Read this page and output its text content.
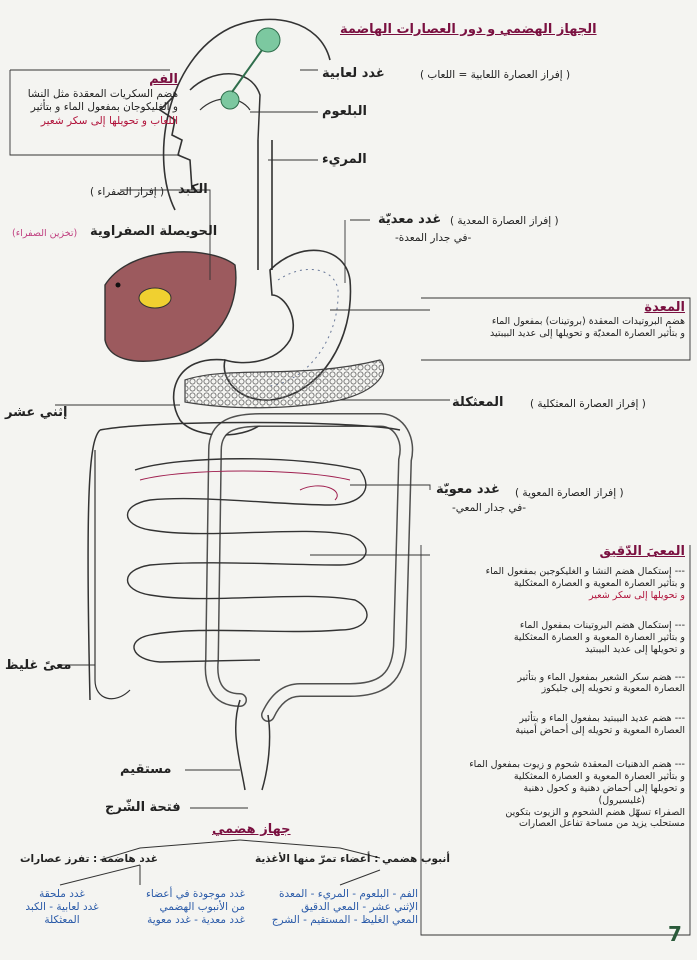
الجهاز الهضمي و دور العصارات الهاضمة
غدد لعابية	( إفراز العصارة اللعابية = اللعاب )
البلعوم
المريء
الفم
هضم السكريات المعقدة مثل النشا
و الغليكوجان بمفعول الماء و بتأثير
اللعاب و تحويلها إلى سكر شعير
الكبد
( إفراز الصفراء )
الحويصلة الصفراوية
(تخزين الصفراء)
غدد معديّة ( إفراز العصارة المعدية )
-في جدار المعدة-
المعدة
هضم البروتيدات المعقدة (بروتينات) بمفعول الماء
و بتأثير العصارة المعديّة و تحويلها إلى عديد البيبتيد
المعثكلة	( إفراز العصارة المعثكلية )
إثني عشر
غدد معويّة ( إفراز العصارة المعوية )
-في جدار المعي-
المعىَ الدّقيق
--- إستكمال هضم النشا و الغليكوجين بمفعول الماء
و بتأثير العصارة المعوية و العصارة المعثكلية
و تحويلها إلى سكر شعير
--- إستكمال هضم البروتينات بمفعول الماء
و بتأثير العصارة المعوية و العصارة المعثكلية
و تحويلها إلى عديد البيبتيد
--- هضم سكر الشعير بمفعول الماء و بتأثير
العصارة المعوية و تحويله إلى جليكوز
--- هضم عديد البيبتيد بمفعول الماء و بتأثير
العصارة المعوية و تحويله إلى أحماض أمينية
--- هضم الدهنيات المعقدة شحوم و زيوت بمفعول الماء
و بتأثير العصارة المعوية و العصارة المعثكلية
و تحويلها إلى أحماض دهنية و كحول دهنية
(غليسيرول)
الصفراء تسهّل هضم الشحوم و الزيوت بتكوين
مستحلب يزيد من مساحة تفاعل العصارات
معىً غليظ
مستقيم
فتحة الشّرج
جهاز هضمي
غدد هاضمة : تفرز عصارات	أنبوب هضمي : أعضاء تمرّ منها الأغذية
غدد ملحقة
غدد لعابية - الكبد
المعثكلة
غدد موجودة في أعضاء
من الأنبوب الهضمي
غدد معدية - غدد معوية
الفم - البلعوم - المريء - المعدة
الإثني عشر - المعي الدقيق
المعي الغليظ - المستقيم - الشرج
7
